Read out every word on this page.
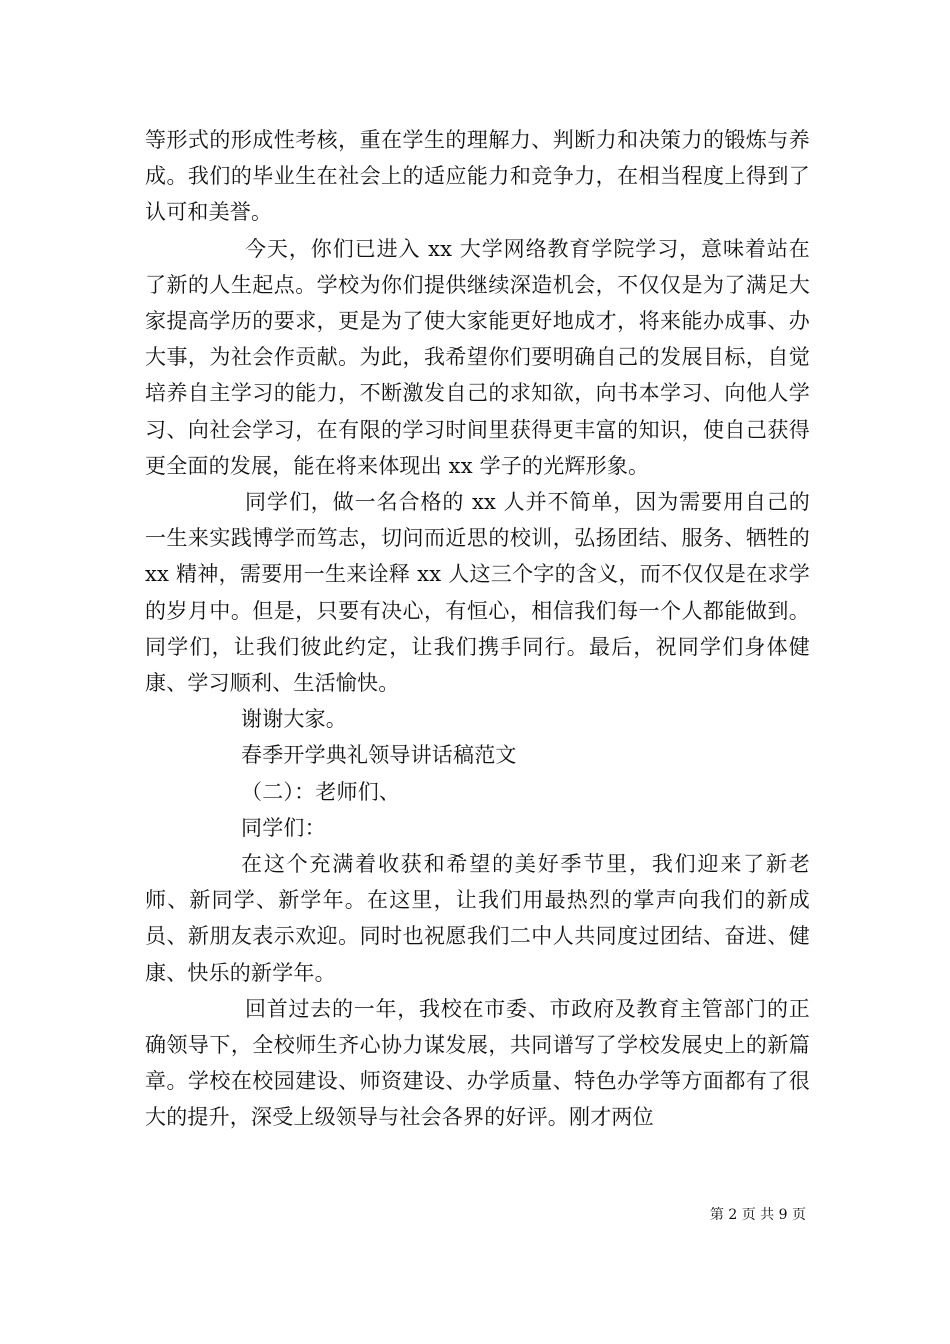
等形式的形成性考核，重在学生的理解力、判断力和决策力的锻炼与养成。我们的毕业生在社会上的适应能力和竞争力，在相当程度上得到了认可和美誉。

今天，你们已进入 xx 大学网络教育学院学习，意味着站在了新的人生起点。学校为你们提供继续深造机会，不仅仅是为了满足大家提高学历的要求，更是为了使大家能更好地成才，将来能办成事、办大事，为社会作贡献。为此，我希望你们要明确自己的发展目标，自觉培养自主学习的能力，不断激发自己的求知欲，向书本学习、向他人学习、向社会学习，在有限的学习时间里获得更丰富的知识，使自己获得更全面的发展，能在将来体现出 xx 学子的光辉形象。

同学们，做一名合格的 xx 人并不简单，因为需要用自己的一生来实践博学而笃志，切问而近思的校训，弘扬团结、服务、牺牲的 xx 精神，需要用一生来诠释 xx 人这三个字的含义，而不仅仅是在求学的岁月中。但是，只要有决心，有恒心，相信我们每一个人都能做到。同学们，让我们彼此约定，让我们携手同行。最后，祝同学们身体健康、学习顺利、生活愉快。

谢谢大家。

春季开学典礼领导讲话稿范文

（二）：老师们、

同学们：

在这个充满着收获和希望的美好季节里，我们迎来了新老师、新同学、新学年。在这里，让我们用最热烈的掌声向我们的新成员、新朋友表示欢迎。同时也祝愿我们二中人共同度过团结、奋进、健康、快乐的新学年。

回首过去的一年，我校在市委、市政府及教育主管部门的正确领导下，全校师生齐心协力谋发展，共同谱写了学校发展史上的新篇章。学校在校园建设、师资建设、办学质量、特色办学等方面都有了很大的提升，深受上级领导与社会各界的好评。刚才两位

第 2 页 共 9 页
